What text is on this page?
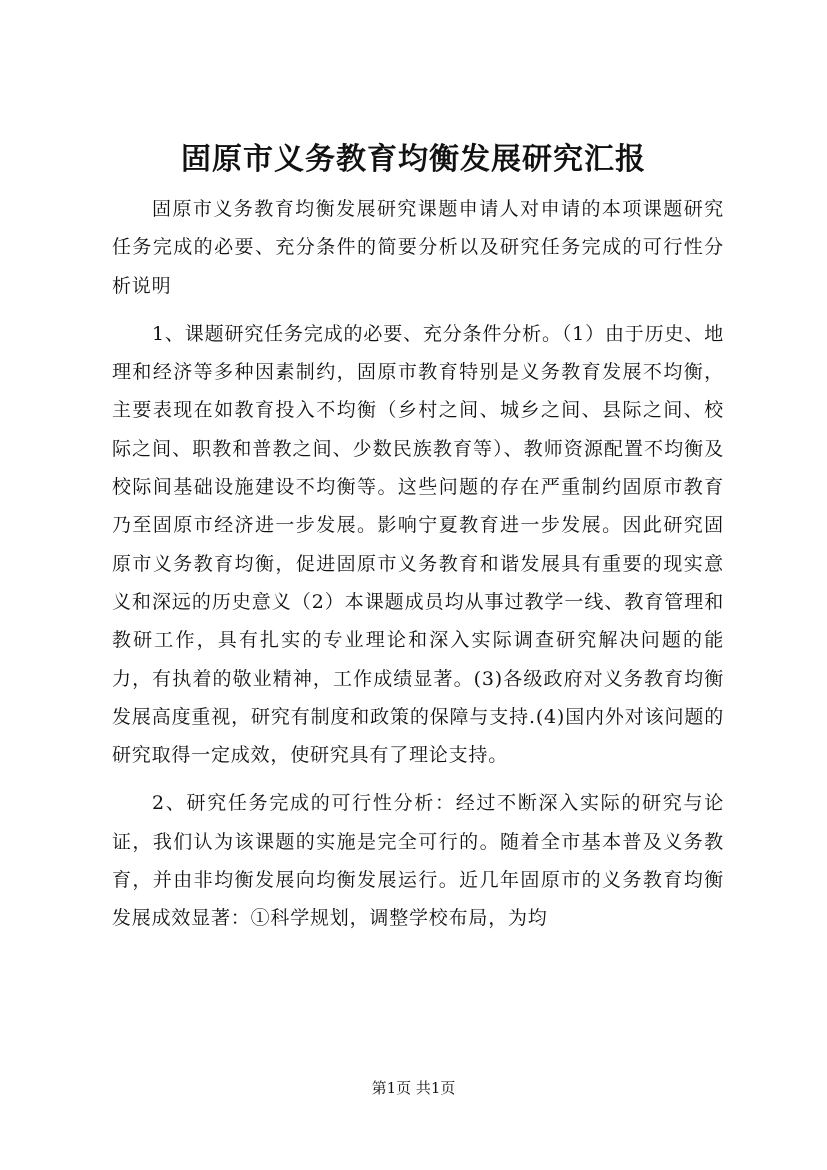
固原市义务教育均衡发展研究汇报

固原市义务教育均衡发展研究课题申请人对申请的本项课题研究任务完成的必要、充分条件的简要分析以及研究任务完成的可行性分析说明

1、课题研究任务完成的必要、充分条件分析。（1）由于历史、地理和经济等多种因素制约，固原市教育特别是义务教育发展不均衡，主要表现在如教育投入不均衡（乡村之间、城乡之间、县际之间、校际之间、职教和普教之间、少数民族教育等）、教师资源配置不均衡及校际间基础设施建设不均衡等。这些问题的存在严重制约固原市教育乃至固原市经济进一步发展。影响宁夏教育进一步发展。因此研究固原市义务教育均衡，促进固原市义务教育和谐发展具有重要的现实意义和深远的历史意义（2）本课题成员均从事过教学一线、教育管理和教研工作，具有扎实的专业理论和深入实际调查研究解决问题的能力，有执着的敬业精神，工作成绩显著。(3)各级政府对义务教育均衡发展高度重视，研究有制度和政策的保障与支持.(4)国内外对该问题的研究取得一定成效，使研究具有了理论支持。

2、研究任务完成的可行性分析：经过不断深入实际的研究与论证，我们认为该课题的实施是完全可行的。随着全市基本普及义务教育，并由非均衡发展向均衡发展运行。近几年固原市的义务教育均衡发展成效显著：①科学规划，调整学校布局，为均

第1页 共1页
